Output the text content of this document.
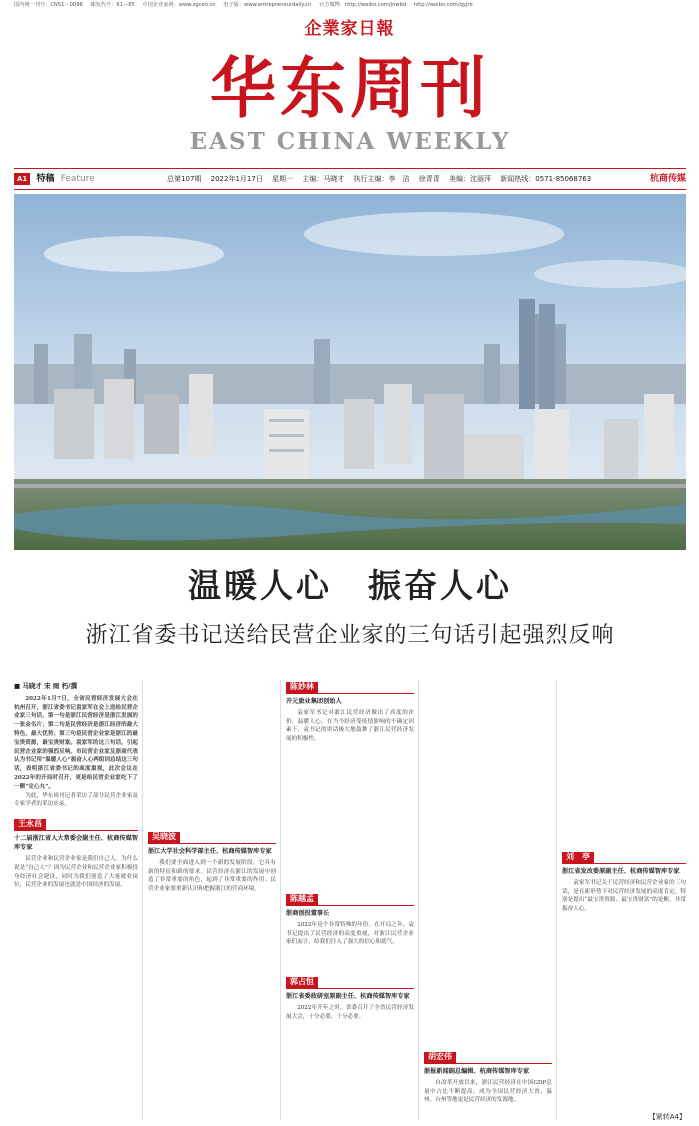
国内统一刊号：CN51－0098 邮发代号：61—85 中国企业家网：www.zgceo.cn 电子版：www.entrepreneurdaily.cn 官方微博：http://weibo.com/jnwbd http://weibo.com/qyjrb
企業家日報
华东周刊
EAST CHINA WEEKLY
A1 特稿 Feature	总第107期 2022年1月17日 星期一 主编：马晓才 执行主编：李　洁 徐青青 美编：沈丽萍 新闻热线：0571-85068763	杭商传媒
温暖人心　振奋人心
浙江省委书记送给民营企业家的三句话引起强烈反响
■ 马晓才 宋 雨 朽/撰

2022年1月7日，全省民营经济发展大会在杭州召开，浙江省委书记袁家军在会上送给民营企业家三句话，第一句是浙江民营经济是浙江发展的一张金名片；第二句是民营经济是浙江经济的最大特色，最大优势；第三句是民营企业家是浙江的最宝贵资源，最宝贵财富。袁家军的这三句话，引起民营企业家的强烈反响。市民营企业家及浙商代表认为书记用“温暖人心”振奋人心两组词总结这三句话，表明浙江省委书记的高度重视，此次会议在2022年的开局时召开，更是给民营企业家吃下了一颗“定心丸”。

为此，华东周刊记者采访了部分民营企业家及专家学者的采访实录。

王永昌
十二届浙江省人大常委会副主任、杭商传媒智库专家

民营企业和民营企业家是我们自己人。为什么说是“自己人”？因为民营企业和民营企业家积极投身经济社会建设，同时为我们创造了大量就业岗位，民营企业的发展也就是中国经济的发展。

吴晓波
浙江大学社会科学部主任、杭商传媒智库专家

我们要全面进入到一个新的发展阶段，它具有新的特征和新的要求。民营经济在浙江的发展中创造了非常重要的角色，起到了非常重要的作用。民营企业家要重新认识和把握浙江的营商环境。

陈妙林
开元旅业集团创始人

袁家军书记对浙江民营经济做出了高度的评价，温暖人心。在当今经济受疫情影响的不确定因素下，袁书记的讲话极大地鼓舞了浙江民营经济发展的积极性。

陈越孟
浙商创投董事长

2022年是个非常特殊的年份。在开局之年，袁书记提出了民营经济的高度重视，对浙江民营企业家们而言，给我们注入了强大的信心和底气。

郭占恒
浙江省委政研室原副主任、杭商传媒智库专家

2022年开年之时，省委召开了全省民营经济发展大会，十分必要，十分必要。

胡宏伟
浙报新闻副总编辑、杭商传媒智库专家

自改革开放以来，浙江民营经济在中国GDP总量中占比不断提高，成为全国民营经济大省，温州、台州等地更是民营经济的发源地。

刘　亭
浙江省发改委原副主任、杭商传媒智库专家

袁家军书记关于民营经济和民营企业家的三句话，是在新形势下对民营经济发展的高度肯定，特别是提出“最宝贵资源、最宝贵财富”的论断，非常振奋人心。

【紧转A4】
